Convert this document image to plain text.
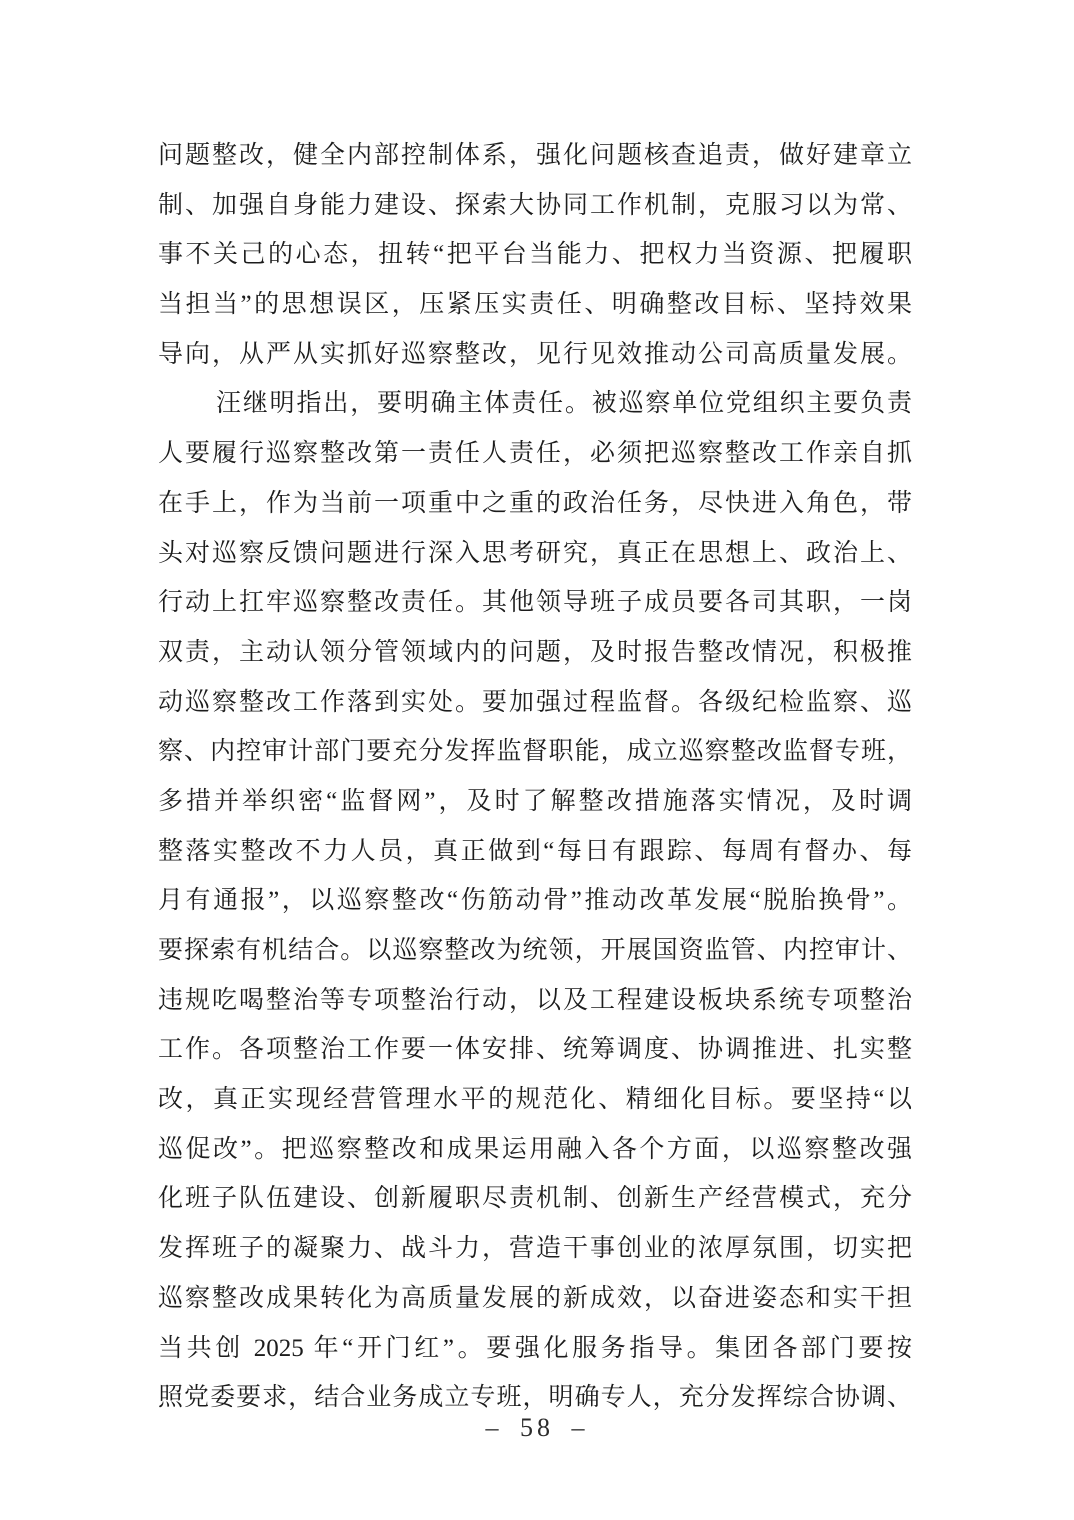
问题整改，健全内部控制体系，强化问题核查追责，做好建章立
制、加强自身能力建设、探索大协同工作机制，克服习以为常、
事不关己的心态，扭转“把平台当能力、把权力当资源、把履职
当担当”的思想误区，压紧压实责任、明确整改目标、坚持效果
导向，从严从实抓好巡察整改，见行见效推动公司高质量发展。
汪继明指出，要明确主体责任。被巡察单位党组织主要负责
人要履行巡察整改第一责任人责任，必须把巡察整改工作亲自抓
在手上，作为当前一项重中之重的政治任务，尽快进入角色，带
头对巡察反馈问题进行深入思考研究，真正在思想上、政治上、
行动上扛牢巡察整改责任。其他领导班子成员要各司其职，一岗
双责，主动认领分管领域内的问题，及时报告整改情况，积极推
动巡察整改工作落到实处。要加强过程监督。各级纪检监察、巡
察、内控审计部门要充分发挥监督职能，成立巡察整改监督专班，
多措并举织密“监督网”，及时了解整改措施落实情况，及时调
整落实整改不力人员，真正做到“每日有跟踪、每周有督办、每
月有通报”，以巡察整改“伤筋动骨”推动改革发展“脱胎换骨”。
要探索有机结合。以巡察整改为统领，开展国资监管、内控审计、
违规吃喝整治等专项整治行动，以及工程建设板块系统专项整治
工作。各项整治工作要一体安排、统筹调度、协调推进、扎实整
改，真正实现经营管理水平的规范化、精细化目标。要坚持“以
巡促改”。把巡察整改和成果运用融入各个方面，以巡察整改强
化班子队伍建设、创新履职尽责机制、创新生产经营模式，充分
发挥班子的凝聚力、战斗力，营造干事创业的浓厚氛围，切实把
巡察整改成果转化为高质量发展的新成效，以奋进姿态和实干担
当共创 2025 年“开门红”。要强化服务指导。集团各部门要按
照党委要求，结合业务成立专班，明确专人，充分发挥综合协调、
– 58 –
